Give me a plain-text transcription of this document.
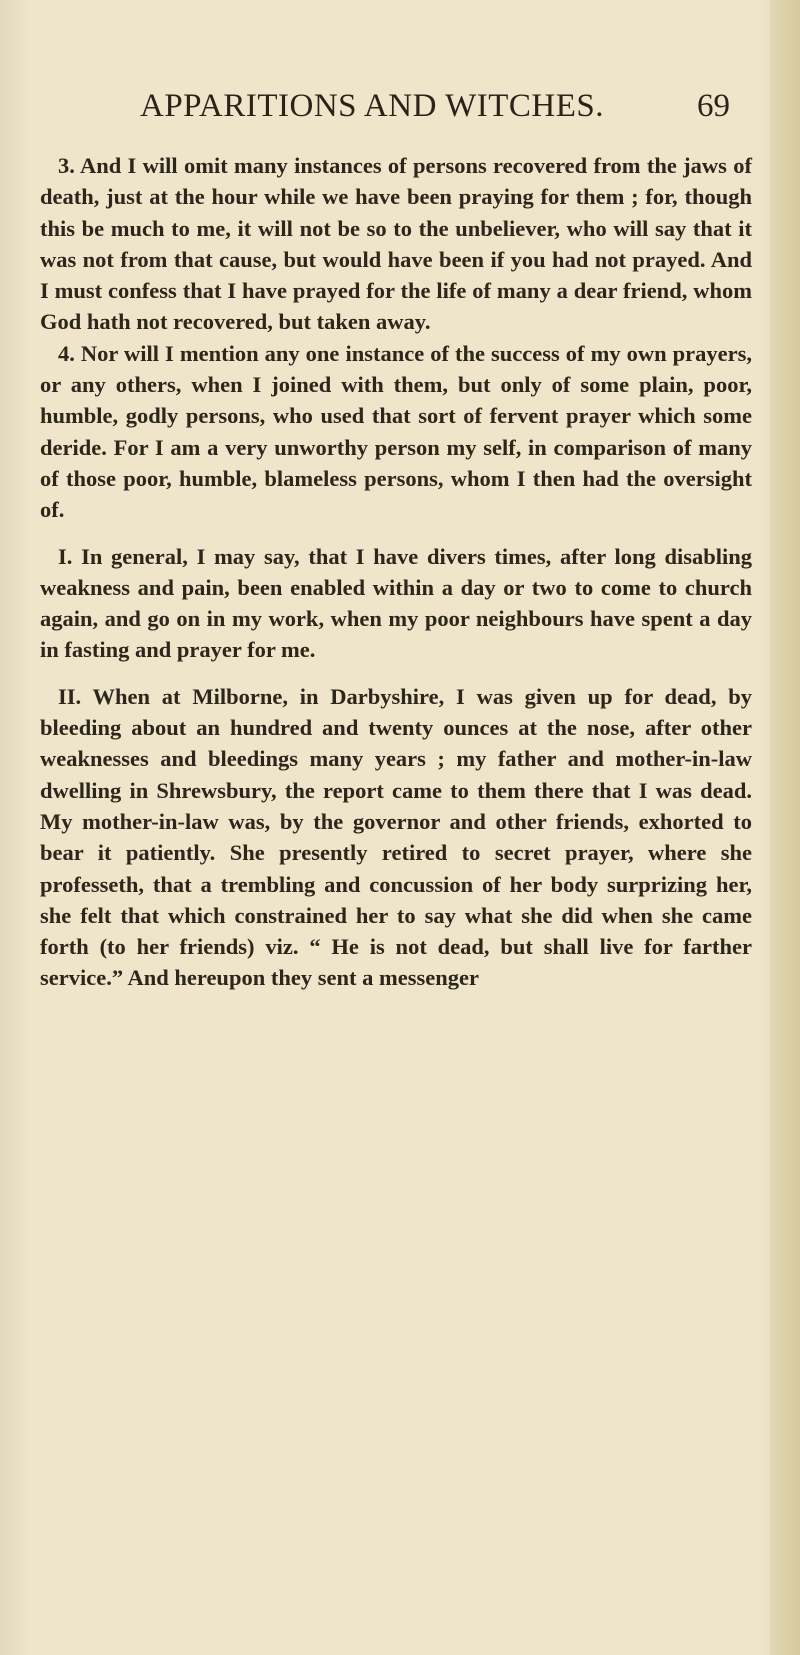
APPARITIONS AND WITCHES.	69

3. And I will omit many instances of persons recovered from the jaws of death, just at the hour while we have been praying for them ; for, though this be much to me, it will not be so to the unbeliever, who will say that it was not from that cause, but would have been if you had not prayed. And I must confess that I have prayed for the life of many a dear friend, whom God hath not recovered, but taken away.

4. Nor will I mention any one instance of the success of my own prayers, or any others, when I joined with them, but only of some plain, poor, humble, godly persons, who used that sort of fervent prayer which some deride. For I am a very unworthy person my self, in comparison of many of those poor, humble, blameless persons, whom I then had the oversight of.

I. In general, I may say, that I have divers times, after long disabling weakness and pain, been enabled within a day or two to come to church again, and go on in my work, when my poor neighbours have spent a day in fasting and prayer for me.

II. When at Milborne, in Darbyshire, I was given up for dead, by bleeding about an hundred and twenty ounces at the nose, after other weaknesses and bleedings many years ; my father and mother-in-law dwelling in Shrewsbury, the report came to them there that I was dead. My mother-in-law was, by the governor and other friends, exhorted to bear it patiently. She presently retired to secret prayer, where she professeth, that a trembling and concussion of her body surprizing her, she felt that which constrained her to say what she did when she came forth (to her friends) viz. “ He is not dead, but shall live for farther service.” And hereupon they sent a messenger
